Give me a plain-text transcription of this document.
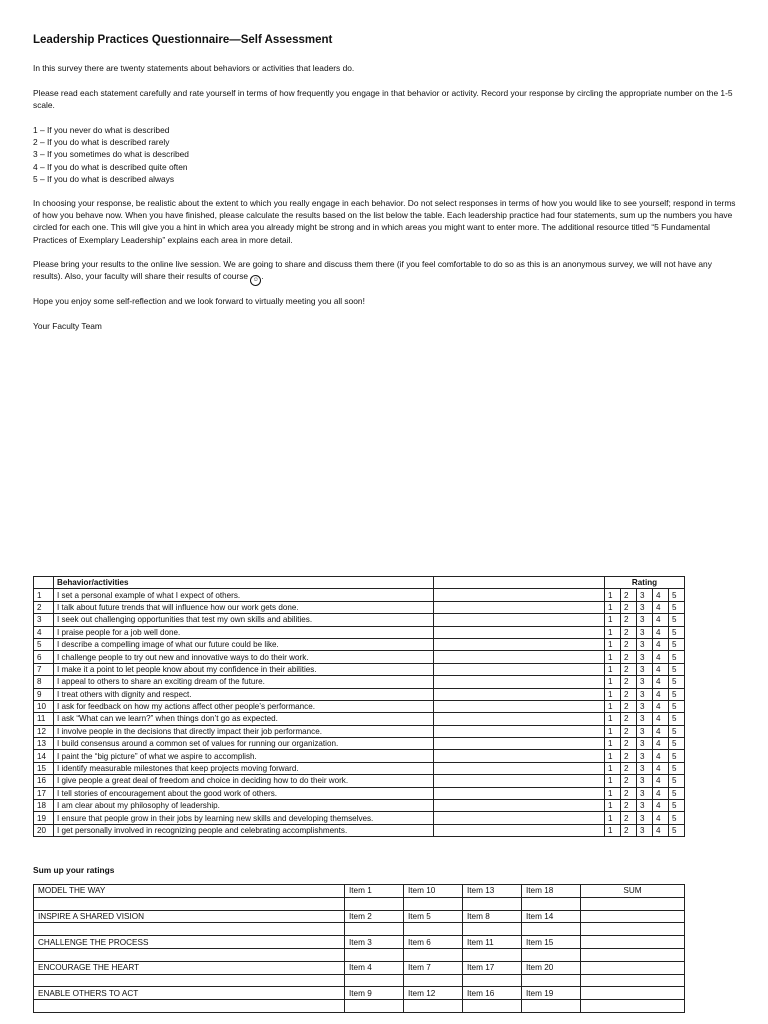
Leadership Practices Questionnaire—Self Assessment

In this survey there are twenty statements about behaviors or activities that leaders do.

Please read each statement carefully and rate yourself in terms of how frequently you engage in that behavior or activity. Record your response by circling the appropriate number on the 1-5 scale.

1 – If you never do what is described
2 – If you do what is described rarely
3 – If you sometimes do what is described
4 – If you do what is described quite often
5 – If you do what is described always

In choosing your response, be realistic about the extent to which you really engage in each behavior. Do not select responses in terms of how you would like to see yourself; respond in terms of how you behave now. When you have finished, please calculate the results based on the list below the table. Each leadership practice had four statements, sum up the numbers you have circled for each one. This will give you a hint in which area you already might be strong and in which areas you might want to enter more. The additional resource titled “5 Fundamental Practices of Exemplary Leadership” explains each area in more detail.

Please bring your results to the online live session. We are going to share and discuss them there (if you feel comfortable to do so as this is an anonymous survey, we will not have any results). Also, your faculty will share their results of course ☺ .

Hope you enjoy some self-reflection and we look forward to virtually meeting you all soon!

Your Faculty Team

	Behavior/activities		Rating				
1	I set a personal example of what I expect of others.		1	2	3	4	5
2	I talk about future trends that will influence how our work gets done.		1	2	3	4	5
3	I seek out challenging opportunities that test my own skills and abilities.		1	2	3	4	5
4	I praise people for a job well done.		1	2	3	4	5
5	I describe a compelling image of what our future could be like.		1	2	3	4	5
6	I challenge people to try out new and innovative ways to do their work.		1	2	3	4	5
7	I make it a point to let people know about my confidence in their abilities.		1	2	3	4	5
8	I appeal to others to share an exciting dream of the future.		1	2	3	4	5
9	I treat others with dignity and respect.		1	2	3	4	5
10	I ask for feedback on how my actions affect other people’s performance.		1	2	3	4	5
11	I ask “What can we learn?” when things don’t go as expected.		1	2	3	4	5
12	I involve people in the decisions that directly impact their job performance.		1	2	3	4	5
13	I build consensus around a common set of values for running our organization.		1	2	3	4	5
14	I paint the “big picture” of what we aspire to accomplish.		1	2	3	4	5
15	I identify measurable milestones that keep projects moving forward.		1	2	3	4	5
16	I give people a great deal of freedom and choice in deciding how to do their work.		1	2	3	4	5
17	I tell stories of encouragement about the good work of others.		1	2	3	4	5
18	I am clear about my philosophy of leadership.		1	2	3	4	5
19	I ensure that people grow in their jobs by learning new skills and developing themselves.		1	2	3	4	5
20	I get personally involved in recognizing people and celebrating accomplishments.		1	2	3	4	5
Sum up your ratings
MODEL THE WAY	Item 1	Item 10	Item 13	Item 18	SUM

INSPIRE A SHARED VISION	Item 2	Item 5	Item 8	Item 14	

CHALLENGE THE PROCESS	Item 3	Item 6	Item 11	Item 15	

ENCOURAGE THE HEART	Item 4	Item 7	Item 17	Item 20	

ENABLE OTHERS TO ACT	Item 9	Item 12	Item 16	Item 19	
